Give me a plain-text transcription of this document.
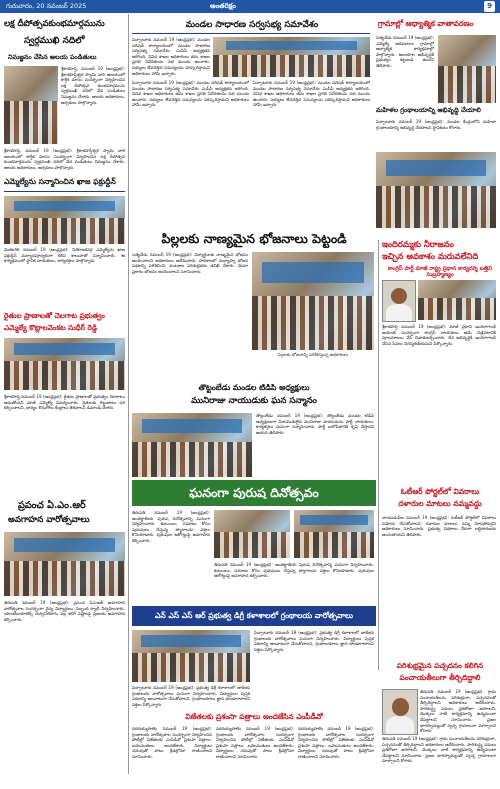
గురువారం, 20 నవంబర్ 2025	అంతరిక్షం	9
లక్ష దీపోత్సవకుంభమార్గమును
స్వర్గముఖి నదిలో
నిమజ్జనం చేసిన అలయ పండితులు
శ్రీకాళహస్తి, నవంబర్ 19 (ఆంధ్రప్రభ): శ్రీకాళహస్తీశ్వర స్వామి వారి ఆలయంలో కార్తీక మాసం సందర్భంగా నిర్వహించిన లక్ష దీపోత్సవ కుంభమార్గమును స్వర్గముఖి నదిలో వేద పండితులు నిమజ్జనం చేశారు. ఆలయ అధికారులు, అర్చకులు పాల్గొన్నారు.
శ్రీకాళహస్తి, నవంబర్ 19 (ఆంధ్రప్రభ): శ్రీకాళహస్తీశ్వర స్వామి వారి ఆలయంలో కార్తీక మాసం సందర్భంగా నిర్వహించిన లక్ష దీపోత్సవ కుంభమార్గమును స్వర్గముఖి నదిలో వేద పండితులు నిమజ్జనం చేశారు. ఆలయ అధికారులు, అర్చకులు పాల్గొన్నారు.
ఎమ్మెల్యేను సన్మానించిన ఖాజ ఫక్రుద్దీన్
వెంకటగిరి నవంబర్ 19 (ఆంధ్రప్రభ): నియోజకవర్గ ఎమ్మెల్యేను ఖాజ ఫక్రుద్దీన్ మర్యాదపూర్వకంగా కలిసి శాలువాతో సన్మానించారు. ఈ కార్యక్రమంలో స్థానిక నాయకులు, కార్యకర్తలు పాల్గొన్నారు.
రైతుల ప్రాణాలతో చెలగాట ప్రభుత్వం
ఎమ్మెల్యే కొట్లాలవెంకట సుధీర్ రెడ్డి
శ్రీకాళహస్తి,నవంబర్ 19 (ఆంధ్రప్రభ): రైతుల ప్రాణాలతో ప్రభుత్వం చెలగాటం ఆడుతోందని మాజీ ఎమ్మెల్యే విమర్శించారు. రైతులకు గిట్టుబాటు ధర కల్పించాలని, ధాన్యం కొనుగోలు కేంద్రాలు తెరవాలని డిమాండ్ చేశారు.
ప్రపంచ ఏ.ఎం.ఆర్
అవగాహన వారోత్సవాలు
తిరుపతి నవంబర్ 19 (ఆంధ్రప్రభ): ప్రపంచ ఏఎంఆర్ అవగాహన వారోత్సవాల సందర్భంగా వైద్య విద్యార్థులు, సిబ్బంది ర్యాలీ నిర్వహించారు. యాంటీబయాటిక్స్ దుర్వినియోగం వల్ల కలిగే నష్టాలపై ప్రజలకు అవగాహన కల్పించారు.
మండల సాధారణ సర్వసభ్య సమావేశం
పిచ్చాటూరు నవంబర్ 19 (ఆంధ్రప్రభ): మండల పరిషత్ కార్యాలయంలో మండల సాధారణ సర్వసభ్య సమావేశం ఎంపీపీ అధ్యక్షతన జరిగింది. వివిధ శాఖల అధికారులు తమ శాఖల ప్రగతి నివేదికలను సభ ముందు ఉంచారు. సభ్యులు లేవనెత్తిన సమస్యలను పరిష్కరిస్తామని అధికారులు హామీ ఇచ్చారు.
పిచ్చాటూరు నవంబర్ 19 (ఆంధ్రప్రభ): మండల పరిషత్ కార్యాలయంలో మండల సాధారణ సర్వసభ్య సమావేశం ఎంపీపీ అధ్యక్షతన జరిగింది. వివిధ శాఖల అధికారులు తమ శాఖల ప్రగతి నివేదికలను సభ ముందు ఉంచారు. సభ్యులు లేవనెత్తిన సమస్యలను పరిష్కరిస్తామని అధికారులు హామీ ఇచ్చారు.
పిచ్చాటూరు నవంబర్ 19 (ఆంధ్రప్రభ): మండల పరిషత్ కార్యాలయంలో మండల సాధారణ సర్వసభ్య సమావేశం ఎంపీపీ అధ్యక్షతన జరిగింది. వివిధ శాఖల అధికారులు తమ శాఖల ప్రగతి నివేదికలను సభ ముందు ఉంచారు. సభ్యులు లేవనెత్తిన సమస్యలను పరిష్కరిస్తామని అధికారులు హామీ ఇచ్చారు.
గ్రామాల్లో ఆధ్యాత్మిక వాతావరణం
సత్యవేడు నవంబర్ 19 (ఆంధ్రప్రభ): ఎమ్మెల్యే ఆదిమూలం గ్రామాల్లో ఆధ్యాత్మిక కార్యక్రమాల్లో పాల్గొన్నారు. ఆలయాల అభివృద్ధికి ప్రభుత్వం కట్టుబడి ఉందని తెలిపారు.
మహిళల గ్రంథాలయాన్ని అభివృద్ధి చేయాలి
పిచ్చాటూరు నవంబర్ 19 (ఆంధ్రప్రభ): మండల కేంద్రంలోని మహిళా గ్రంథాలయాన్ని అభివృద్ధి చేయాలని స్థానికులు కోరారు.
పిల్లలకు నాణ్యమైన భోజనాలు పెట్టండి
సత్యవేడు నవంబర్ 19 (ఆంధ్రప్రభ): విద్యార్థులకు నాణ్యమైన భోజనం అందించాలని అధికారులు ఆదేశించారు. పాఠశాలలో మధ్యాహ్న భోజన పథకాన్ని పరిశీలించి, వంటశాల పరిశుభ్రతను తనిఖీ చేశారు. మెనూ ప్రకారం భోజనం అందించాలని సూచించారు.
పిల్లలకు భోజనాన్ని పరిశీలిస్తున్న అధికారులు
తొట్టంబేడు మండల టిడిపి అధ్యక్షులు
మునిరాజు నాయుడుకు ఘన సన్మానం
తొట్టంబేడు నవంబర్ 19 (ఆంధ్రప్రభ): తొట్టంబేడు మండల టిడిపి అధ్యక్షులుగా నియమితులైన మునిరాజు నాయుడును పార్టీ నాయకులు, కార్యకర్తలు ఘనంగా సన్మానించారు. పార్టీ బలోపేతానికి కృషి చేస్తానని ఆయన తెలిపారు.
ఘనంగా పురుష దినోత్సవం
తిరుపతి నవంబర్ 19 (ఆంధ్రప్రభ): అంతర్జాతీయ పురుష దినోత్సవాన్ని ఘనంగా నిర్వహించారు. కుటుంబం, సమాజం కోసం పురుషులు చేస్తున్న త్యాగాలను వక్తలు కొనియాడారు. పురుషుల ఆరోగ్యంపై అవగాహన కల్పించారు.
తిరుపతి నవంబర్ 19 (ఆంధ్రప్రభ): అంతర్జాతీయ పురుష దినోత్సవాన్ని ఘనంగా నిర్వహించారు. కుటుంబం, సమాజం కోసం పురుషులు చేస్తున్న త్యాగాలను వక్తలు కొనియాడారు. పురుషుల ఆరోగ్యంపై అవగాహన కల్పించారు.
ఇందిరమ్మకు నీరాజనం
ఇచ్చిన అవకాశం మరువలేనిది
కాంగ్రెస్ పార్టీ మాజీ రాష్ట్ర ప్రధాన కార్యదర్శి బత్తిని సుబ్రహ్మణ్యం
శ్రీకాళహస్తి నవంబర్ 19 (ఆంధ్రప్రభ): మాజీ ప్రధాని ఇందిరాగాంధీ జయంతి సందర్భంగా కాంగ్రెస్ నాయకులు ఆమె చిత్రపటానికి పూలమాలలు వేసి నివాళులర్పించారు. దేశ అభివృద్ధికి ఇందిరాగాంధీ చేసిన సేవలు చిరస్మరణీయమని పేర్కొన్నారు.
ఓటీఆర్ పోర్టల్‌లో వివరాలు
దళారుల మాటలు నమ్మవద్దు
నాయుడుపేట నవంబర్ 19 (ఆంధ్రప్రభ): ఓటీఆర్ పోర్టల్‌లో వివరాలు నమోదు చేసుకోవాలని, దళారుల మాటలు నమ్మి మోసపోవద్దని అధికారులు సూచించారు. ప్రభుత్వ పథకాలు నేరుగా లబ్ధిదారులకు అందుతాయని తెలిపారు.
పరిశుభ్రమైన పచ్చదనం కలిగిన
పంచాయతీలుగా తీర్చిదిద్దాలి
తిరుపతి నవంబర్ 19 (ఆంధ్రప్రభ): గ్రామ పంచాయతీలను పరిశుభ్రంగా, పచ్చదనంతో తీర్చిదిద్దాలని అధికారులు ఆదేశించారు. పారిశుద్ధ్య పనులు ప్రతిరోజూ జరగాలని, మొక్కలు నాటే కార్యక్రమాన్ని ఉద్యమంలా చేపట్టాలని సూచించారు. ప్రజల భాగస్వామ్యంతో స్వచ్ఛ గ్రామాలుగా మార్చాలని కోరారు.
తిరుపతి నవంబర్ 19 (ఆంధ్రప్రభ): గ్రామ పంచాయతీలను పరిశుభ్రంగా, పచ్చదనంతో తీర్చిదిద్దాలని అధికారులు ఆదేశించారు. పారిశుద్ధ్య పనులు ప్రతిరోజూ జరగాలని, మొక్కలు నాటే కార్యక్రమాన్ని ఉద్యమంలా చేపట్టాలని సూచించారు. ప్రజల భాగస్వామ్యంతో స్వచ్ఛ గ్రామాలుగా మార్చాలని కోరారు.
ఎన్ ఎస్ ఎస్ ఆర్ ప్రభుత్వ డిగ్రీ కళాశాలలో గ్రంథాలయ వారోత్సవాలు
పిచ్చాటూరు నవంబర్ 19 (ఆంధ్రప్రభ): ప్రభుత్వ డిగ్రీ కళాశాలలో జాతీయ గ్రంథాలయ వారోత్సవాలు ఘనంగా నిర్వహించారు. విద్యార్థులు పుస్తక పఠనాన్ని అలవాటుగా చేసుకోవాలని, గ్రంథాలయాలు జ్ఞాన భాండాగారాలని వక్తలు పేర్కొన్నారు.
పిచ్చాటూరు నవంబర్ 19 (ఆంధ్రప్రభ): ప్రభుత్వ డిగ్రీ కళాశాలలో జాతీయ గ్రంథాలయ వారోత్సవాలు ఘనంగా నిర్వహించారు. విద్యార్థులు పుస్తక పఠనాన్ని అలవాటుగా చేసుకోవాలని, గ్రంథాలయాలు జ్ఞాన భాండాగారాలని వక్తలు పేర్కొన్నారు.
విజేతలకు ప్రశంసా పత్రాలు అందజేసిన ఎంపీడీవో
వరదయ్యపాలెం నవంబర్ 19 (ఆంధ్రప్రభ): గ్రంథాలయ వారోత్సవాల సందర్భంగా నిర్వహించిన పోటీల్లో విజేతలకు ఎంపీడీవో ప్రశంసా పత్రాలు, బహుమతులు అందజేశారు. విద్యార్థులు చదువుతో పాటు క్రీడల్లోనూ రాణించాలని సూచించారు.
వరదయ్యపాలెం నవంబర్ 19 (ఆంధ్రప్రభ): గ్రంథాలయ వారోత్సవాల సందర్భంగా నిర్వహించిన పోటీల్లో విజేతలకు ఎంపీడీవో ప్రశంసా పత్రాలు, బహుమతులు అందజేశారు. విద్యార్థులు చదువుతో పాటు క్రీడల్లోనూ రాణించాలని సూచించారు.
వరదయ్యపాలెం నవంబర్ 19 (ఆంధ్రప్రభ): గ్రంథాలయ వారోత్సవాల సందర్భంగా నిర్వహించిన పోటీల్లో విజేతలకు ఎంపీడీవో ప్రశంసా పత్రాలు, బహుమతులు అందజేశారు. విద్యార్థులు చదువుతో పాటు క్రీడల్లోనూ రాణించాలని సూచించారు.
